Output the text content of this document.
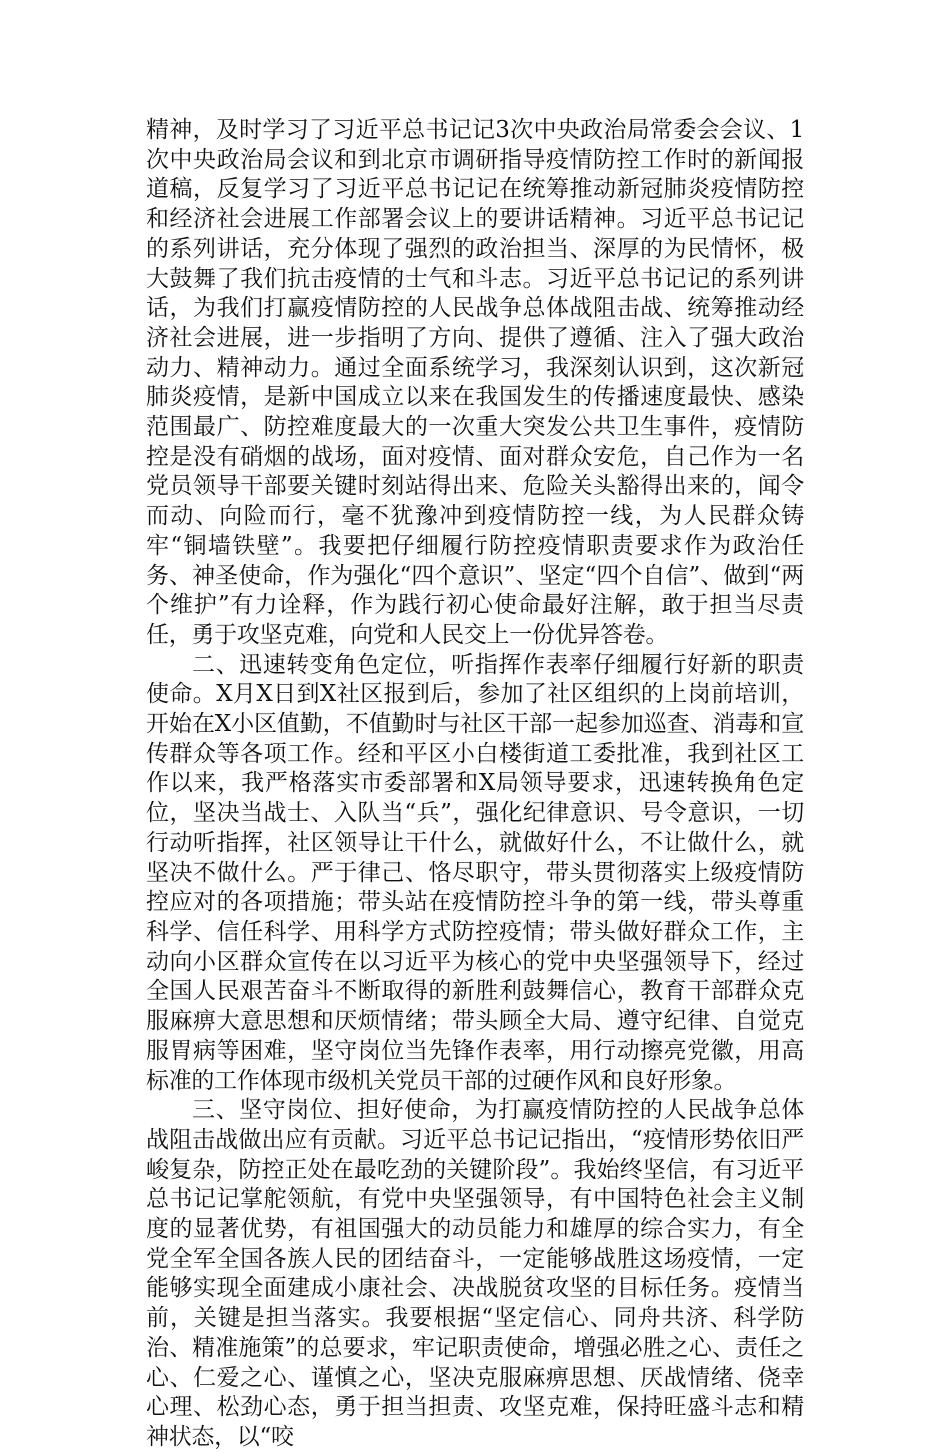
精神，及时学习了习近平总书记记3次中央政治局常委会会议、1次中央政治局会议和到北京市调研指导疫情防控工作时的新闻报道稿，反复学习了习近平总书记记在统筹推动新冠肺炎疫情防控和经济社会进展工作部署会议上的要讲话精神。习近平总书记记的系列讲话，充分体现了强烈的政治担当、深厚的为民情怀，极大鼓舞了我们抗击疫情的士气和斗志。习近平总书记记的系列讲话，为我们打赢疫情防控的人民战争总体战阻击战、统筹推动经济社会进展，进一步指明了方向、提供了遵循、注入了强大政治动力、精神动力。通过全面系统学习，我深刻认识到，这次新冠肺炎疫情，是新中国成立以来在我国发生的传播速度最快、感染范围最广、防控难度最大的一次重大突发公共卫生事件，疫情防控是没有硝烟的战场，面对疫情、面对群众安危，自己作为一名党员领导干部要关键时刻站得出来、危险关头豁得出来的，闻令而动、向险而行，毫不犹豫冲到疫情防控一线，为人民群众铸牢“铜墙铁壁”。我要把仔细履行防控疫情职责要求作为政治任务、神圣使命，作为强化“四个意识”、坚定“四个自信”、做到“两个维护”有力诠释，作为践行初心使命最好注解，敢于担当尽责任，勇于攻坚克难，向党和人民交上一份优异答卷。

二、迅速转变角色定位，听指挥作表率仔细履行好新的职责使命。X月X日到X社区报到后，参加了社区组织的上岗前培训，开始在X小区值勤，不值勤时与社区干部一起参加巡查、消毒和宣传群众等各项工作。经和平区小白楼街道工委批准，我到社区工作以来，我严格落实市委部署和X局领导要求，迅速转换角色定位，坚决当战士、入队当“兵”，强化纪律意识、号令意识，一切行动听指挥，社区领导让干什么，就做好什么，不让做什么，就坚决不做什么。严于律己、恪尽职守，带头贯彻落实上级疫情防控应对的各项措施；带头站在疫情防控斗争的第一线，带头尊重科学、信任科学、用科学方式防控疫情；带头做好群众工作，主动向小区群众宣传在以习近平为核心的党中央坚强领导下，经过全国人民艰苦奋斗不断取得的新胜利鼓舞信心，教育干部群众克服麻痹大意思想和厌烦情绪；带头顾全大局、遵守纪律、自觉克服胃病等困难，坚守岗位当先锋作表率，用行动擦亮党徽，用高标准的工作体现市级机关党员干部的过硬作风和良好形象。

三、坚守岗位、担好使命，为打赢疫情防控的人民战争总体战阻击战做出应有贡献。习近平总书记记指出，“疫情形势依旧严峻复杂，防控正处在最吃劲的关键阶段”。我始终坚信，有习近平总书记记掌舵领航，有党中央坚强领导，有中国特色社会主义制度的显著优势，有祖国强大的动员能力和雄厚的综合实力，有全党全军全国各族人民的团结奋斗，一定能够战胜这场疫情，一定能够实现全面建成小康社会、决战脱贫攻坚的目标任务。疫情当前，关键是担当落实。我要根据“坚定信心、同舟共济、科学防治、精准施策”的总要求，牢记职责使命，增强必胜之心、责任之心、仁爱之心、谨慎之心，坚决克服麻痹思想、厌战情绪、侥幸心理、松劲心态，勇于担当担责、攻坚克难，保持旺盛斗志和精神状态，以“咬
